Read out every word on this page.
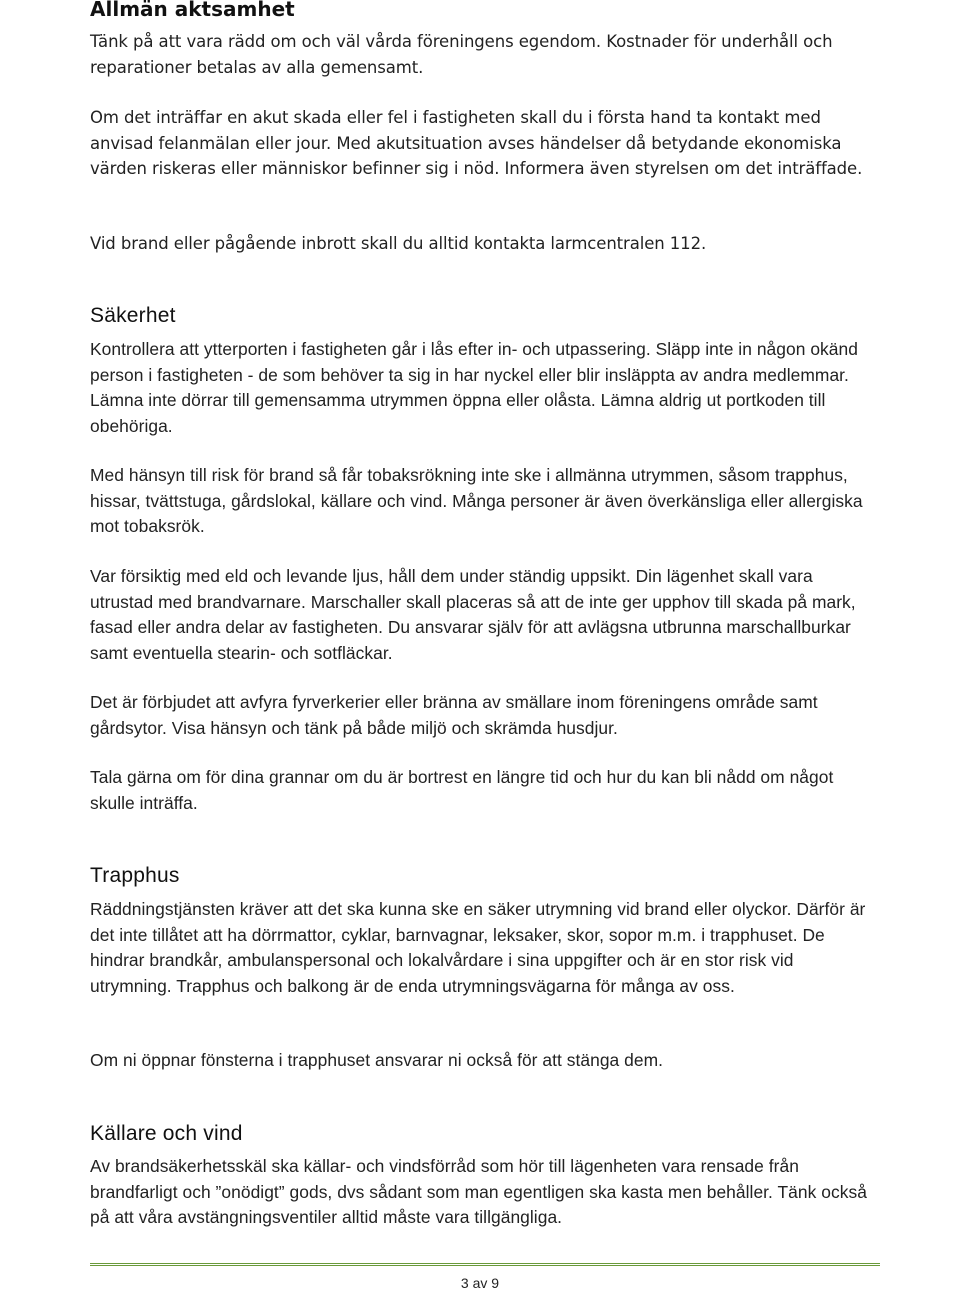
Allmän aktsamhet

Tänk på att vara rädd om och väl vårda föreningens egendom. Kostnader för underhåll och reparationer betalas av alla gemensamt.

Om det inträffar en akut skada eller fel i fastigheten skall du i första hand ta kontakt med anvisad felanmälan eller jour. Med akutsituation avses händelser då betydande ekonomiska värden riskeras eller människor befinner sig i nöd. Informera även styrelsen om det inträffade.

Vid brand eller pågående inbrott skall du alltid kontakta larmcentralen 112.

Säkerhet

Kontrollera att ytterporten i fastigheten går i lås efter in- och utpassering. Släpp inte in någon okänd person i fastigheten - de som behöver ta sig in har nyckel eller blir insläppta av andra medlemmar. Lämna inte dörrar till gemensamma utrymmen öppna eller olåsta. Lämna aldrig ut portkoden till obehöriga.

Med hänsyn till risk för brand så får tobaksrökning inte ske i allmänna utrymmen, såsom trapphus, hissar, tvättstuga, gårdslokal, källare och vind. Många personer är även överkänsliga eller allergiska mot tobaksrök.

Var försiktig med eld och levande ljus, håll dem under ständig uppsikt. Din lägenhet skall vara utrustad med brandvarnare. Marschaller skall placeras så att de inte ger upphov till skada på mark, fasad eller andra delar av fastigheten. Du ansvarar själv för att avlägsna utbrunna marschallburkar samt eventuella stearin- och sotfläckar.

Det är förbjudet att avfyra fyrverkerier eller bränna av smällare inom föreningens område samt gårdsytor. Visa hänsyn och tänk på både miljö och skrämda husdjur.

Tala gärna om för dina grannar om du är bortrest en längre tid och hur du kan bli nådd om något skulle inträffa.

Trapphus

Räddningstjänsten kräver att det ska kunna ske en säker utrymning vid brand eller olyckor. Därför är det inte tillåtet att ha dörrmattor, cyklar, barnvagnar, leksaker, skor, sopor m.m. i trapphuset. De hindrar brandkår, ambulanspersonal och lokalvårdare i sina uppgifter och är en stor risk vid utrymning. Trapphus och balkong är de enda utrymningsvägarna för många av oss.

Om ni öppnar fönsterna i trapphuset ansvarar ni också för att stänga dem.

Källare och vind

Av brandsäkerhetsskäl ska källar- och vindsförråd som hör till lägenheten vara rensade från brandfarligt och ”onödigt” gods, dvs sådant som man egentligen ska kasta men behåller. Tänk också på att våra avstängningsventiler alltid måste vara tillgängliga.

3 av 9
